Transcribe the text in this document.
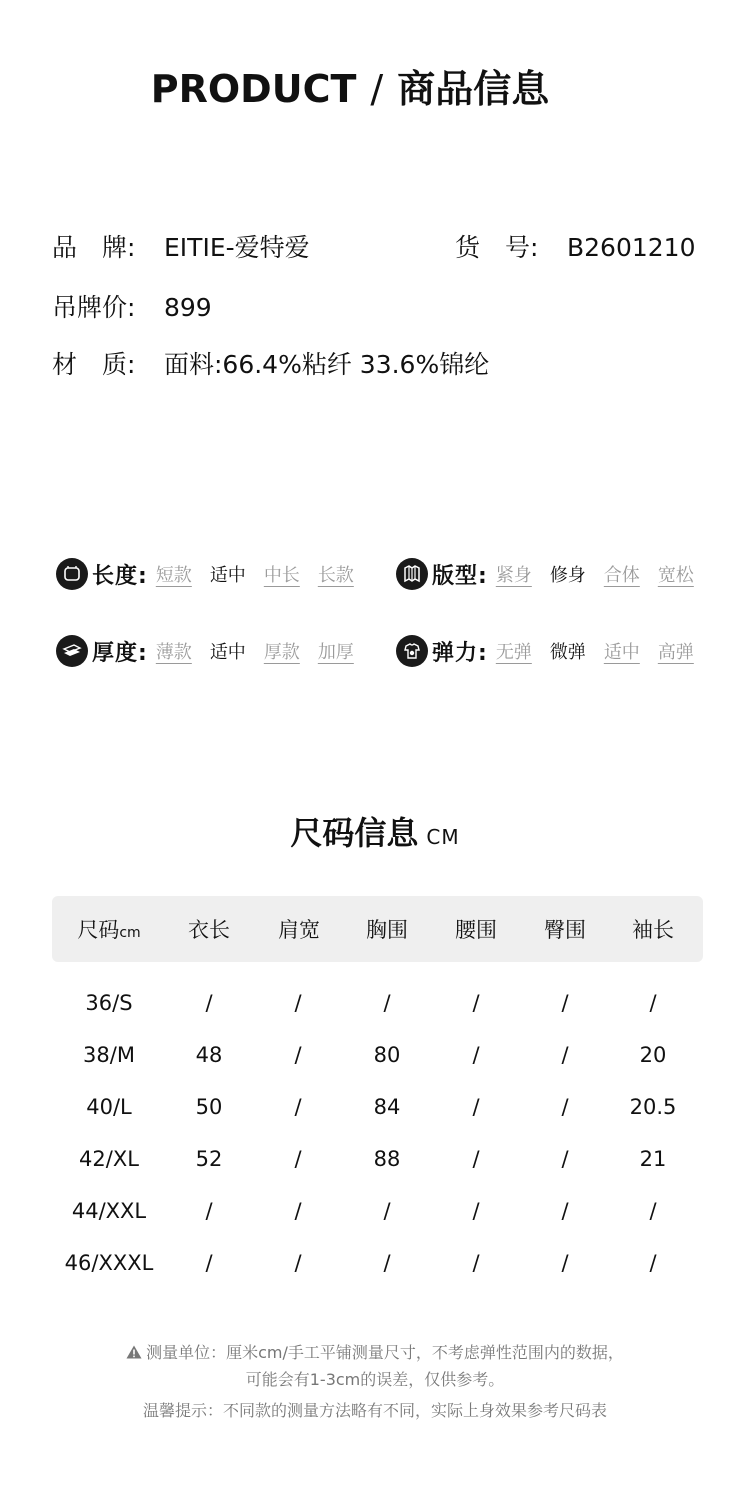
PRODUCT / 商品信息
品　牌: EITIE-爱特爱	货　号: B2601210
吊牌价: 899
材　质: 面料:66.4%粘纤 33.6%锦纶
长度: 短款 适中 中长 长款	版型: 紧身 修身 合体 宽松
厚度: 薄款 适中 厚款 加厚	弹力: 无弹 微弹 适中 高弹
尺码信息 CM
尺码cm	衣长	肩宽	胸围	腰围	臀围	袖长
36/S	/	/	/	/	/	/
38/M	48	/	80	/	/	20
40/L	50	/	84	/	/	20.5
42/XL	52	/	88	/	/	21
44/XXL	/	/	/	/	/	/
46/XXXL	/	/	/	/	/	/
测量单位：厘米cm/手工平铺测量尺寸，不考虑弹性范围内的数据，
可能会有1-3cm的误差，仅供参考。
温馨提示：不同款的测量方法略有不同，实际上身效果参考尺码表
